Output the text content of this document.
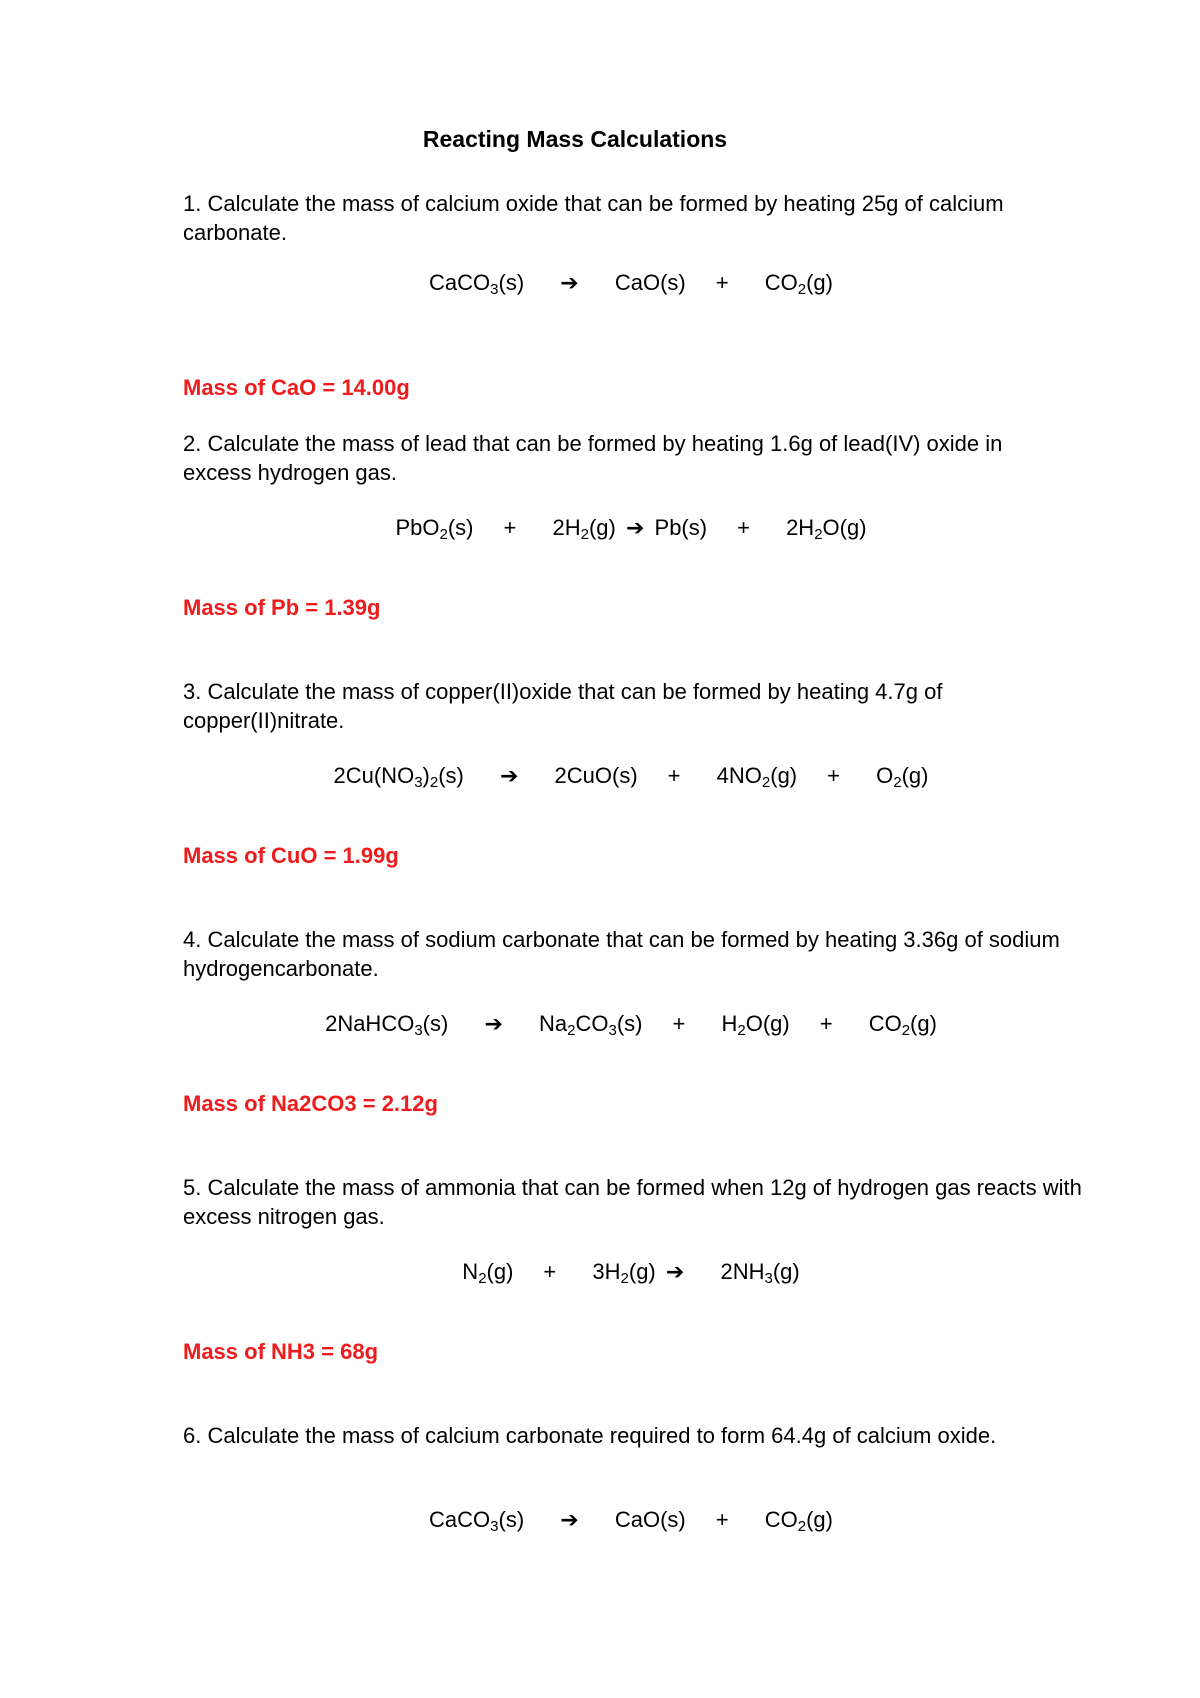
Reacting Mass Calculations
1. Calculate the mass of calcium oxide that can be formed by heating 25g of calcium carbonate.
CaCO$_3$(s) ➔ $CaO(s) + CO_2(g)$
Mass of CaO = 14.00g
2. Calculate the mass of lead that can be formed by heating 1.6g of lead(IV) oxide in excess hydrogen gas.
$PbO_2(s) + 2H_2(g)$ ➔ $Pb(s) + 2H_2O(g)$
Mass of Pb = 1.39g
3. Calculate the mass of copper(II)oxide that can be formed by heating 4.7g of copper(II)nitrate.
$2Cu(NO_3)_2(s)$ ➔ $2CuO(s) + 4NO_2(g) + O_2(g)$
Mass of CuO = 1.99g
4. Calculate the mass of sodium carbonate that can be formed by heating 3.36g of sodium hydrogencarbonate.
2NaHCO$_3$(s) ➔ $Na_2CO_3(s) + H_2O(g) + CO_2(g)$
Mass of Na2CO3 = 2.12g
5. Calculate the mass of ammonia that can be formed when 12g of hydrogen gas reacts with excess nitrogen gas.
$N_2(g) + 3H_2(g)$ ➔ $2NH_3(g)$
Mass of NH3 = 68g
6. Calculate the mass of calcium carbonate required to form 64.4g of calcium oxide.
CaCO$_3$(s) ➔ $CaO(s) + CO_2(g)$
